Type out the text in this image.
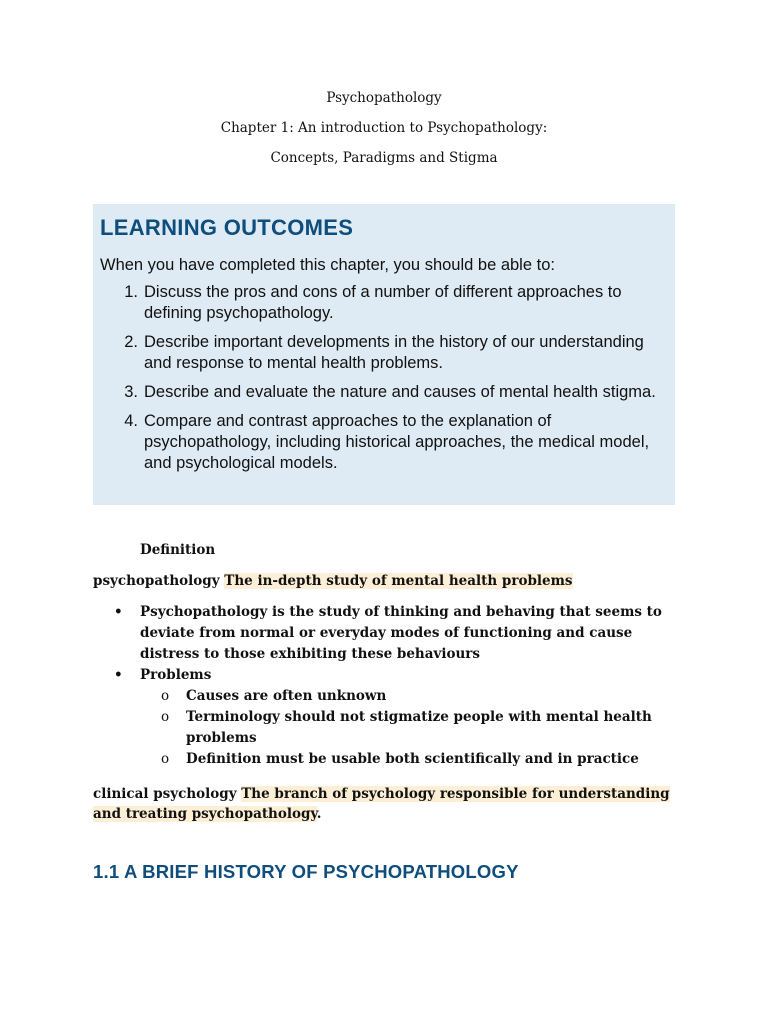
Psychopathology
Chapter 1: An introduction to Psychopathology:
Concepts, Paradigms and Stigma
LEARNING OUTCOMES

When you have completed this chapter, you should be able to:

1. Discuss the pros and cons of a number of different approaches to defining psychopathology.
2. Describe important developments in the history of our understanding and response to mental health problems.
3. Describe and evaluate the nature and causes of mental health stigma.
4. Compare and contrast approaches to the explanation of psychopathology, including historical approaches, the medical model, and psychological models.
Definition
psychopathology The in-depth study of mental health problems
•	Psychopathology is the study of thinking and behaving that seems to deviate from normal or everyday modes of functioning and cause distress to those exhibiting these behaviours
•	Problems
o	Causes are often unknown
o	Terminology should not stigmatize people with mental health problems
o	Definition must be usable both scientifically and in practice
clinical psychology The branch of psychology responsible for understanding and treating psychopathology.
1.1 A BRIEF HISTORY OF PSYCHOPATHOLOGY
